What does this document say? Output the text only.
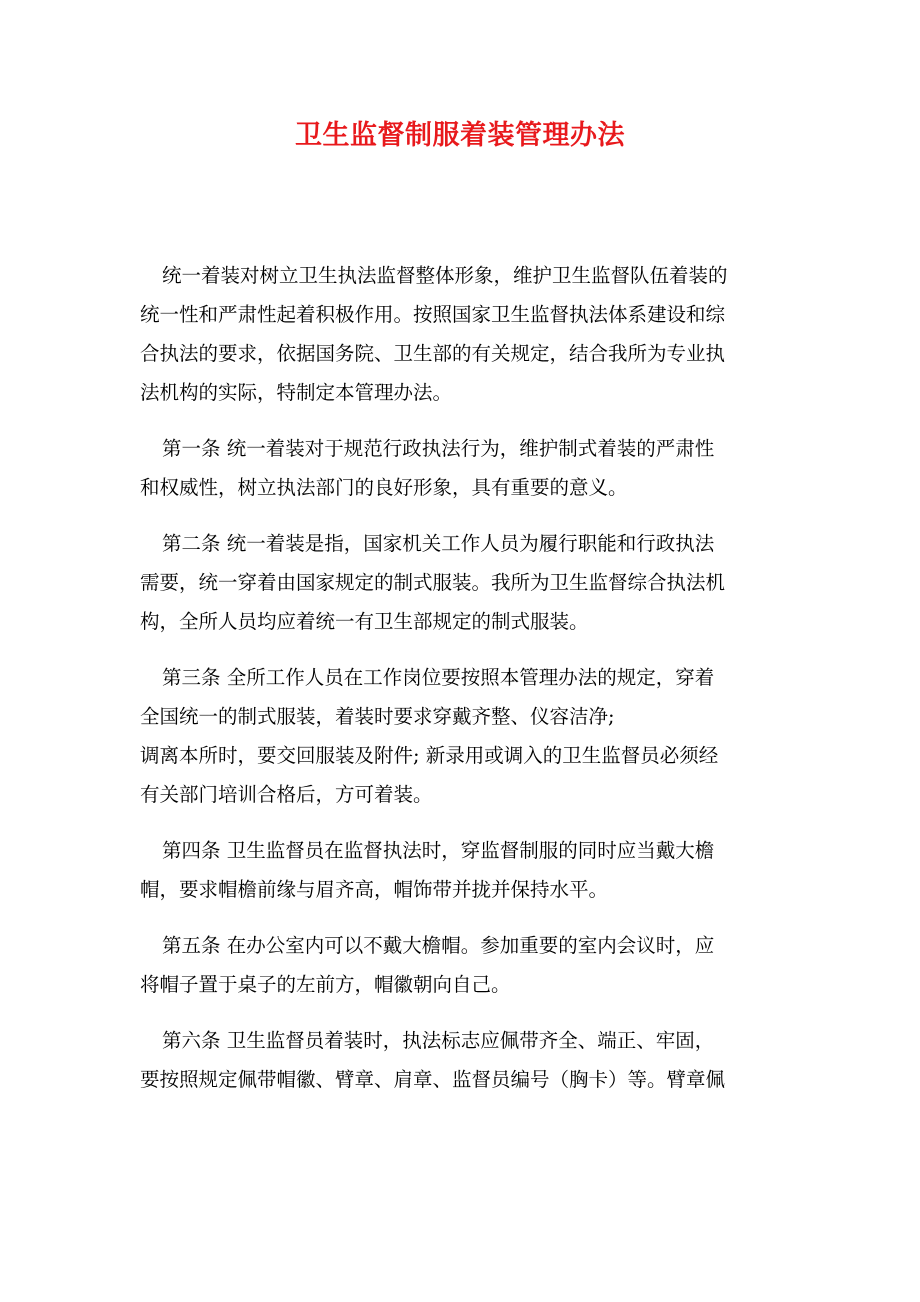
卫生监督制服着装管理办法
统一着装对树立卫生执法监督整体形象，维护卫生监督队伍着装的
统一性和严肃性起着积极作用。按照国家卫生监督执法体系建设和综
合执法的要求，依据国务院、卫生部的有关规定，结合我所为专业执
法机构的实际，特制定本管理办法。
第一条 统一着装对于规范行政执法行为，维护制式着装的严肃性
和权威性，树立执法部门的良好形象，具有重要的意义。
第二条 统一着装是指，国家机关工作人员为履行职能和行政执法
需要，统一穿着由国家规定的制式服装。我所为卫生监督综合执法机
构，全所人员均应着统一有卫生部规定的制式服装。
第三条 全所工作人员在工作岗位要按照本管理办法的规定，穿着
全国统一的制式服装，着装时要求穿戴齐整、仪容洁净;
调离本所时，要交回服装及附件; 新录用或调入的卫生监督员必须经
有关部门培训合格后，方可着装。
第四条 卫生监督员在监督执法时，穿监督制服的同时应当戴大檐
帽，要求帽檐前缘与眉齐高，帽饰带并拢并保持水平。
第五条 在办公室内可以不戴大檐帽。参加重要的室内会议时，应
将帽子置于桌子的左前方，帽徽朝向自己。
第六条 卫生监督员着装时，执法标志应佩带齐全、端正、牢固，
要按照规定佩带帽徽、臂章、肩章、监督员编号（胸卡）等。臂章佩
